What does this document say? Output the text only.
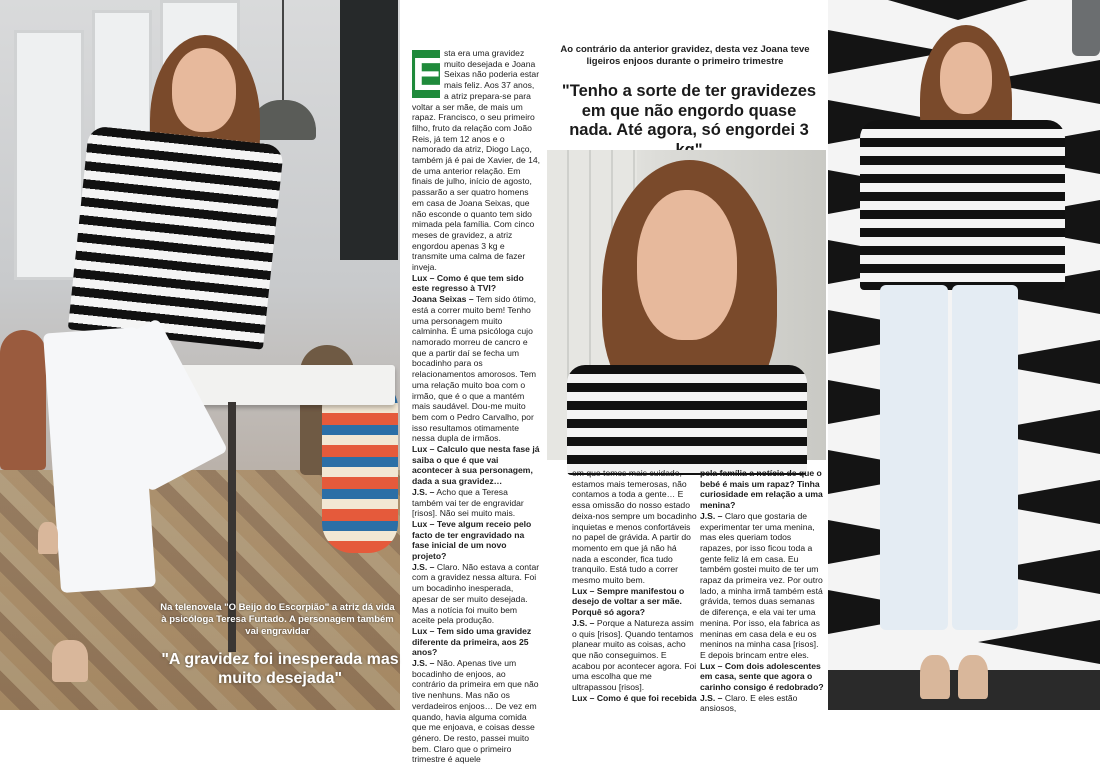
Na telenovela "O Beijo do Escorpião" a atriz dá vida à psicóloga Teresa Furtado. A personagem também vai engravidar
"A gravidez foi inesperada mas muito desejada"
E sta era uma gravidez muito desejada e Joana Seixas não poderia estar mais feliz. Aos 37 anos, a atriz prepara-se para voltar a ser mãe, de mais um rapaz. Francisco, o seu primeiro filho, fruto da relação com João Reis, já tem 12 anos e o namorado da atriz, Diogo Laço, também já é pai de Xavier, de 14, de uma anterior relação. Em finais de julho, início de agosto, passarão a ser quatro homens em casa de Joana Seixas, que não esconde o quanto tem sido mimada pela família. Com cinco meses de gravidez, a atriz engordou apenas 3 kg e transmite uma calma de fazer inveja.
Lux – Como é que tem sido este regresso à TVI?
Joana Seixas – Tem sido ótimo, está a correr muito bem! Tenho uma personagem muito calminha. É uma psicóloga cujo namorado morreu de cancro e que a partir daí se fecha um bocadinho para os relacionamentos amorosos. Tem uma relação muito boa com o irmão, que é o que a mantém mais saudável. Dou-me muito bem com o Pedro Carvalho, por isso resultamos otimamente nessa dupla de irmãos.
Lux – Calculo que nesta fase já saiba o que é que vai acontecer à sua personagem, dada a sua gravidez…
J.S. – Acho que a Teresa também vai ter de engravidar [risos]. Não sei muito mais.
Lux – Teve algum receio pelo facto de ter engravidado na fase inicial de um novo projeto?
J.S. – Claro. Não estava a contar com a gravidez nessa altura. Foi um bocadinho inesperada, apesar de ser muito desejada. Mas a notícia foi muito bem aceite pela produção.
Lux – Tem sido uma gravidez diferente da primeira, aos 25 anos?
J.S. – Não. Apenas tive um bocadinho de enjoos, ao contrário da primeira em que não tive nenhuns. Mas não os verdadeiros enjoos… De vez em quando, havia alguma comida que me enjoava, e coisas desse género. De resto, passei muito bem. Claro que o primeiro trimestre é aquele
Ao contrário da anterior gravidez, desta vez Joana teve ligeiros enjoos durante o primeiro trimestre
"Tenho a sorte de ter gravidezes em que não engordo quase nada. Até agora, só engordei 3
em que temos mais cuidado, estamos mais temerosas, não contamos a toda a gente… E essa omissão do nosso estado deixa-nos sempre um bocadinho inquietas e menos confortáveis no papel de grávida. A partir do momento em que já não há nada a esconder, fica tudo tranquilo. Está tudo a correr mesmo muito bem.
Lux – Sempre manifestou o desejo de voltar a ser mãe. Porquê só agora?
J.S. – Porque a Natureza assim o quis [risos]. Quando tentamos planear muito as coisas, acho que não conseguimos. E acabou por acontecer agora. Foi uma escolha que me ultrapassou [risos].
Lux – Como é que foi recebida
pela família a notícia de que o bebé é mais um rapaz? Tinha curiosidade em relação a uma menina?
J.S. – Claro que gostaria de experimentar ter uma menina, mas eles queriam todos rapazes, por isso ficou toda a gente feliz lá em casa. Eu também gostei muito de ter um rapaz da primeira vez. Por outro lado, a minha irmã também está grávida, temos duas semanas de diferença, e ela vai ter uma menina. Por isso, ela fabrica as meninas em casa dela e eu os meninos na minha casa [risos]. E depois brincam entre eles.
Lux – Com dois adolescentes em casa, sente que agora o carinho consigo é redobrado?
J.S. – Claro. E eles estão ansiosos,
